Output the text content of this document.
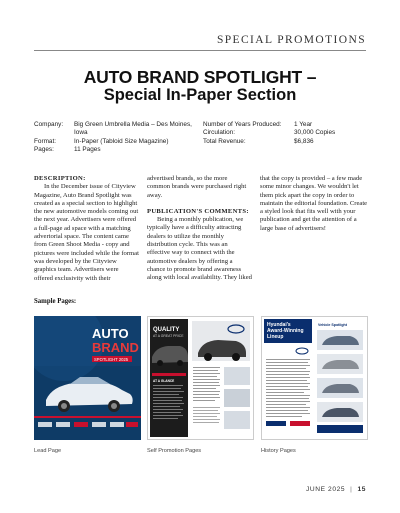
SPECIAL PROMOTIONS
AUTO BRAND SPOTLIGHT –
Special In-Paper Section
Company:	Big Green Umbrella Media – Des Moines, Iowa
Format:	In-Paper (Tabloid Size Magazine)
Pages:	11 Pages
Number of Years Produced:	1 Year
Circulation:	30,000 Copies
Total Revenue:	$6,836
DESCRIPTION:
In the December issue of Cityview Magazine, Auto Brand Spotlight was created as a special section to highlight the new automotive models coming out the next year. Advertisers were offered a full-page ad space with a matching advertorial space. The content came from Green Shoot Media - copy and pictures were included while the format was developed by the Cityview graphics team. Advertisers were offered exclusivity with their
advertised brands, so the more common brands were purchased right away.
PUBLICATION'S COMMENTS:
Being a monthly publication, we typically have a difficulty attracting dealers to utilize the monthly distribution cycle. This was an effective way to connect with the automotive dealers by offering a chance to promote brand awareness along with local availability. They liked
that the copy is provided – a few made some minor changes. We wouldn't let them pick apart the copy in order to maintain the editorial foundation. Create a styled look that fits well with your publication and get the attention of a large base of advertisers!
Sample Pages:
AUTO
BRAND
SPOTLIGHT 2025
QUALITY
AT A GREAT PRICE
AT A GLANCE
Hyundai's
Award-Winning
Lineup
Vehicle Spotlight
Lead Page	Self Promotion Pages	History Pages
JUNE 2025 | 15
